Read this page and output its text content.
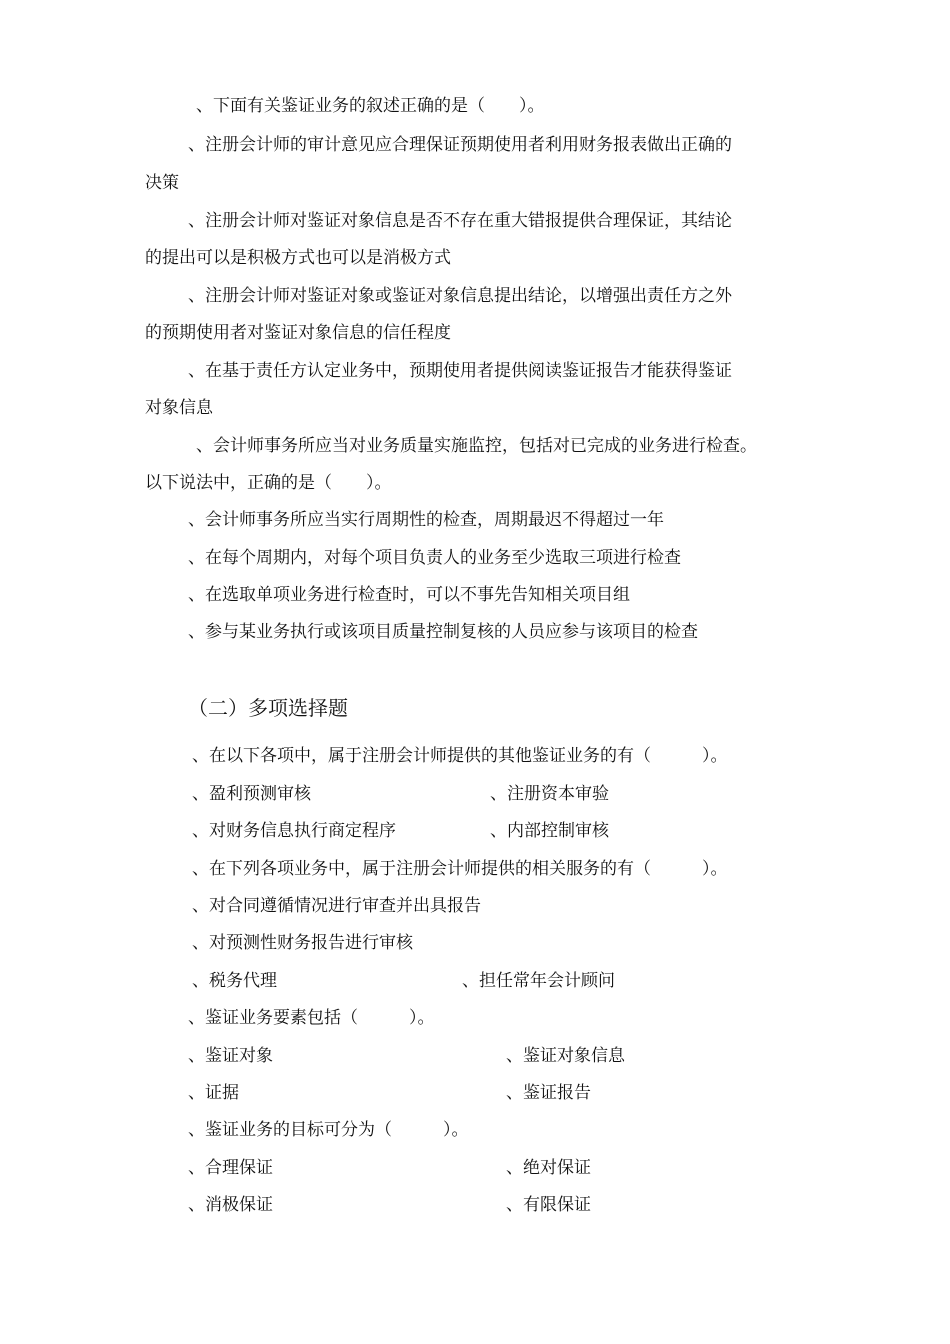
、下面有关鉴证业务的叙述正确的是（　　）。
、注册会计师的审计意见应合理保证预期使用者利用财务报表做出正确的
决策
、注册会计师对鉴证对象信息是否不存在重大错报提供合理保证，其结论
的提出可以是积极方式也可以是消极方式
、注册会计师对鉴证对象或鉴证对象信息提出结论，以增强出责任方之外
的预期使用者对鉴证对象信息的信任程度
、在基于责任方认定业务中，预期使用者提供阅读鉴证报告才能获得鉴证
对象信息
、会计师事务所应当对业务质量实施监控，包括对已完成的业务进行检查。
以下说法中，正确的是（　　）。
、会计师事务所应当实行周期性的检查，周期最迟不得超过一年
、在每个周期内，对每个项目负责人的业务至少选取三项进行检查
、在选取单项业务进行检查时，可以不事先告知相关项目组
、参与某业务执行或该项目质量控制复核的人员应参与该项目的检查
（二）多项选择题
、在以下各项中，属于注册会计师提供的其他鉴证业务的有（　　　）。
、盈利预测审核	、注册资本审验
、对财务信息执行商定程序	、内部控制审核
、在下列各项业务中，属于注册会计师提供的相关服务的有（　　　）。
、对合同遵循情况进行审查并出具报告
、对预测性财务报告进行审核
、税务代理	、担任常年会计顾问
、鉴证业务要素包括（　　　）。
、鉴证对象	、鉴证对象信息
、证据	、鉴证报告
、鉴证业务的目标可分为（　　　）。
、合理保证	、绝对保证
、消极保证	、有限保证
